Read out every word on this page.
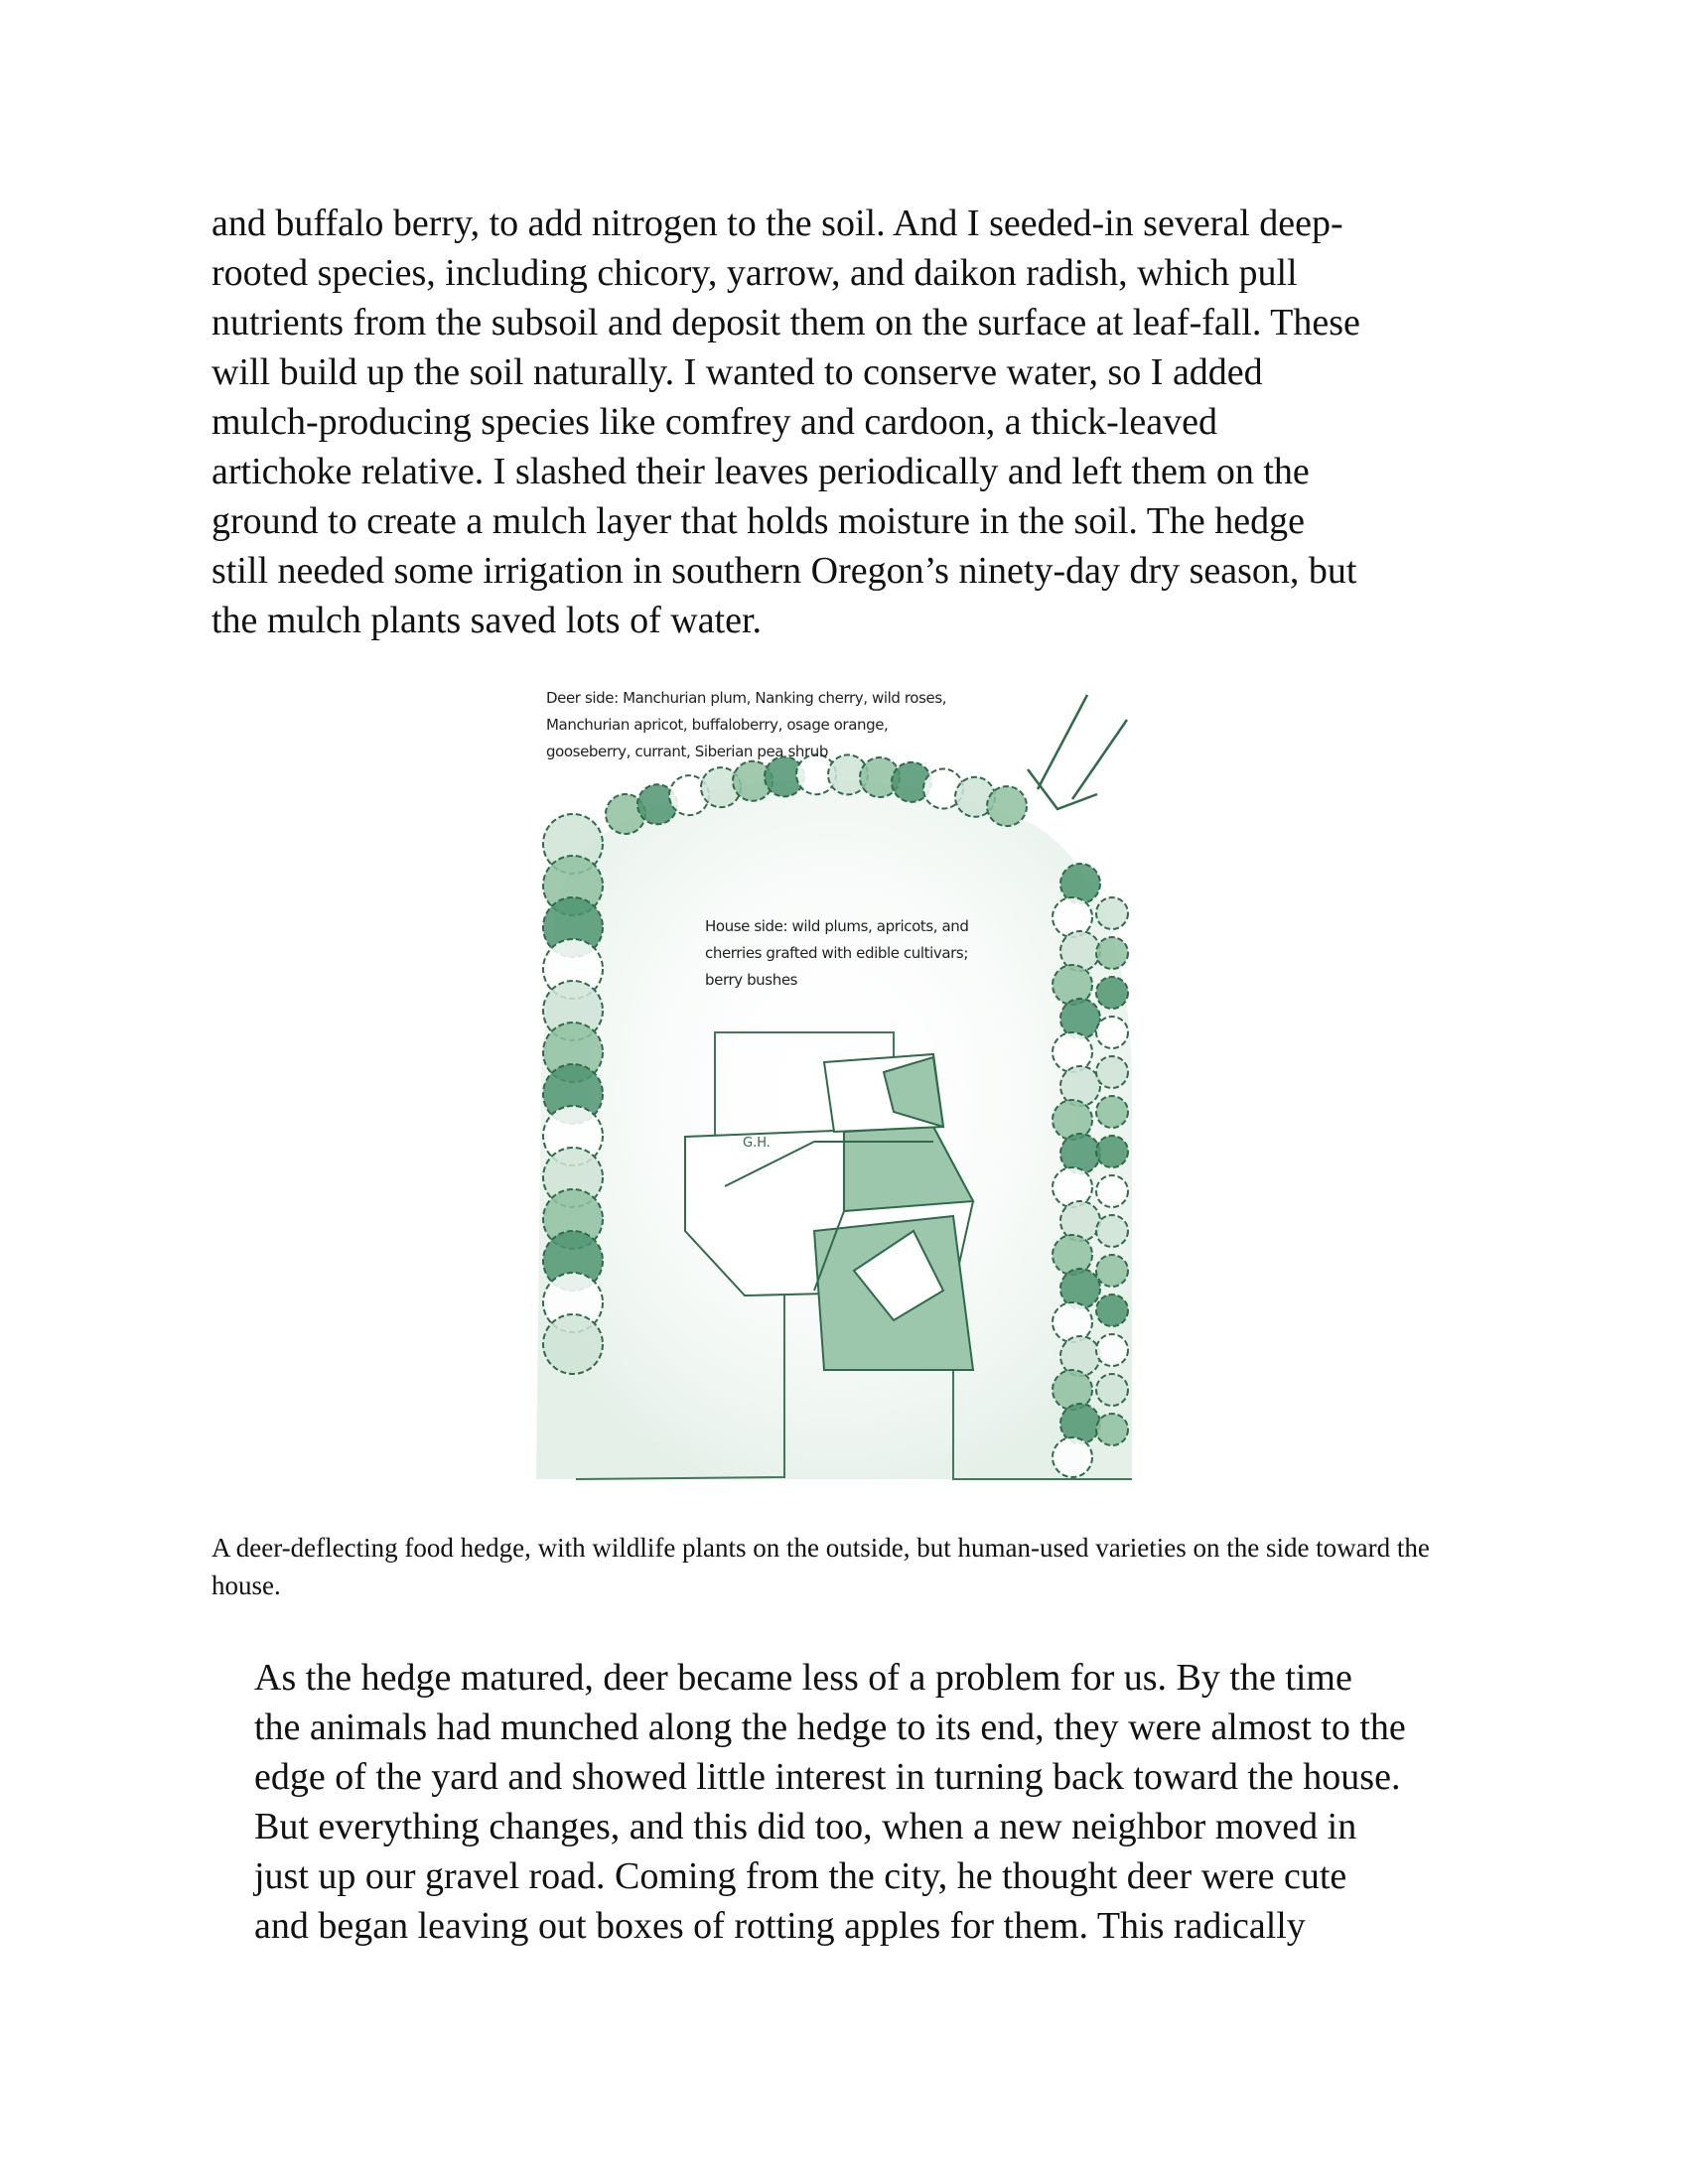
and buffalo berry, to add nitrogen to the soil. And I seeded-in several deep-
rooted species, including chicory, yarrow, and daikon radish, which pull
nutrients from the subsoil and deposit them on the surface at leaf-fall. These
will build up the soil naturally. I wanted to conserve water, so I added
mulch-producing species like comfrey and cardoon, a thick-leaved
artichoke relative. I slashed their leaves periodically and left them on the
ground to create a mulch layer that holds moisture in the soil. The hedge
still needed some irrigation in southern Oregon’s ninety-day dry season, but
the mulch plants saved lots of water.
G.H.
Deer side: Manchurian plum, Nanking cherry, wild roses, Manchurian apricot, buffaloberry, osage orange, gooseberry, currant, Siberian pea shrub
House side: wild plums, apricots, and cherries grafted with edible cultivars; berry bushes

A deer-deflecting food hedge, with wildlife plants on the outside, but human-used varieties on the side toward the house.

As the hedge matured, deer became less of a problem for us. By the time
the animals had munched along the hedge to its end, they were almost to the
edge of the yard and showed little interest in turning back toward the house.
But everything changes, and this did too, when a new neighbor moved in
just up our gravel road. Coming from the city, he thought deer were cute
and began leaving out boxes of rotting apples for them. This radically
